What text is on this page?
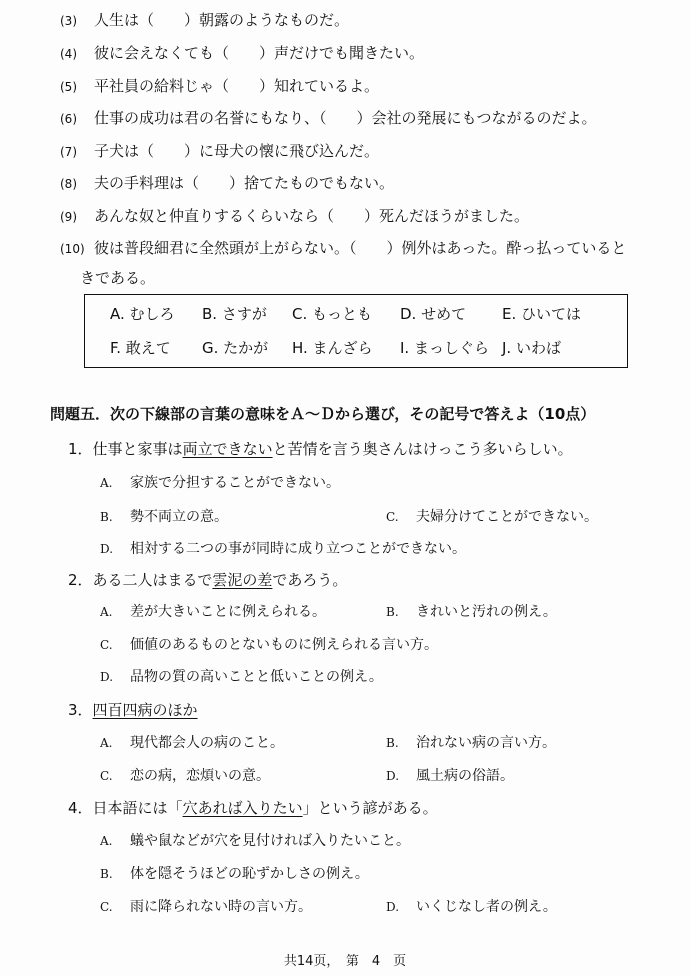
(3) 人生は（　　）朝露のようなものだ。
(4) 彼に会えなくても（　　）声だけでも聞きたい。
(5) 平社員の給料じゃ（　　）知れているよ。
(6) 仕事の成功は君の名誉にもなり、（　　）会社の発展にもつながるのだよ。
(7) 子犬は（　　）に母犬の懐に飛び込んだ。
(8) 夫の手料理は（　　）捨てたものでもない。
(9) あんな奴と仲直りするくらいなら（　　）死んだほうがました。
(10) 彼は普段細君に全然頭が上がらない。（　　）例外はあった。酔っ払っていると
きである。
A. むしろ B. さすが C. もっとも D. せめて E. ひいては
F. 敢えて G. たかが H. まんざら I. まっしぐら J. いわば
問題五．次の下線部の言葉の意味をＡ～Ｄから選び，その記号で答えよ（10点）
1．仕事と家事は両立できないと苦情を言う奥さんはけっこう多いらしい。
A. 家族で分担することができない。
B. 勢不両立の意。	C. 夫婦分けてことができない。
D. 相対する二つの事が同時に成り立つことができない。
2．ある二人はまるで雲泥の差であろう。
A. 差が大きいことに例えられる。	B. きれいと汚れの例え。
C. 価値のあるものとないものに例えられる言い方。
D. 品物の質の高いことと低いことの例え。
3．四百四病のほか
A. 現代都会人の病のこと。	B. 治れない病の言い方。
C. 恋の病，恋煩いの意。	D. 風土病の俗語。
4．日本語には「穴あれば入りたい」という諺がある。
A. 蟻や鼠などが穴を見付ければ入りたいこと。
B. 体を隠そうほどの恥ずかしさの例え。
C. 雨に降られない時の言い方。	D. いくじなし者の例え。
共14页，　第　4　页
